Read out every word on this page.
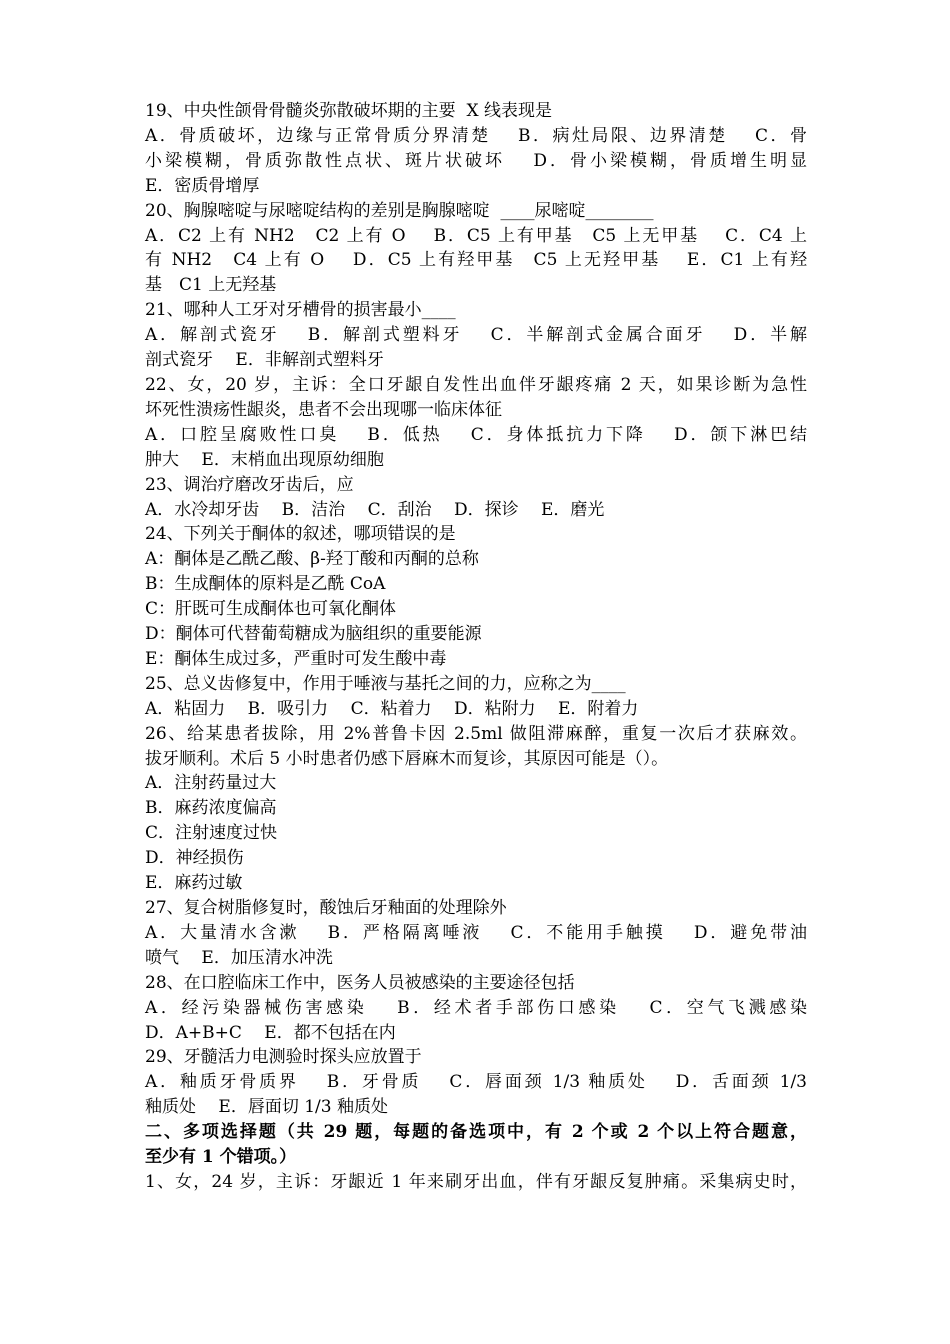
19、中央性颌骨骨髓炎弥散破坏期的主要  X 线表现是
A．骨质破坏，边缘与正常骨质分界清楚　 B．病灶局限、边界清楚　 C．骨
小梁模糊，骨质弥散性点状、斑片状破坏　 D．骨小梁模糊，骨质增生明显
E．密质骨增厚
20、胸腺嘧啶与尿嘧啶结构的差别是胸腺嘧啶  ____尿嘧啶________
A．C2 上有 NH2　C2 上有 O　 B．C5 上有甲基　C5 上无甲基　 C．C4 上
有 NH2　C4 上有 O　 D．C5 上有羟甲基　C5 上无羟甲基　 E．C1 上有羟
基　C1 上无羟基
21、哪种人工牙对牙槽骨的损害最小____
A．解剖式瓷牙　 B．解剖式塑料牙　 C．半解剖式金属合面牙　 D．半解
剖式瓷牙　 E．非解剖式塑料牙
22、女，20 岁，主诉：全口牙龈自发性出血伴牙龈疼痛 2 天，如果诊断为急性
坏死性溃疡性龈炎，患者不会出现哪一临床体征
A．口腔呈腐败性口臭　 B．低热　 C．身体抵抗力下降　 D．颌下淋巴结
肿大　 E．末梢血出现原幼细胞
23、调治疗磨改牙齿后，应
A．水冷却牙齿　 B．洁治　 C．刮治　 D．探诊　 E．磨光
24、下列关于酮体的叙述，哪项错误的是
A：酮体是乙酰乙酸、β-羟丁酸和丙酮的总称
B：生成酮体的原料是乙酰 CoA
C：肝既可生成酮体也可氧化酮体
D：酮体可代替葡萄糖成为脑组织的重要能源
E：酮体生成过多，严重时可发生酸中毒
25、总义齿修复中，作用于唾液与基托之间的力，应称之为____
A．粘固力　 B．吸引力　 C．粘着力　 D．粘附力　 E．附着力
26、给某患者拔除，用 2%普鲁卡因 2.5ml 做阻滞麻醉，重复一次后才获麻效。
拔牙顺利。术后 5 小时患者仍感下唇麻木而复诊，其原因可能是（）。
A．注射药量过大
B．麻药浓度偏高
C．注射速度过快
D．神经损伤
E．麻药过敏
27、复合树脂修复时，酸蚀后牙釉面的处理除外
A．大量清水含漱　 B．严格隔离唾液　 C．不能用手触摸　 D．避免带油
喷气　 E．加压清水冲洗
28、在口腔临床工作中，医务人员被感染的主要途径包括
A．经污染器械伤害感染　 B．经术者手部伤口感染　 C．空气飞溅感染
D．A+B+C　 E．都不包括在内
29、牙髓活力电测验时探头应放置于
A．釉质牙骨质界　 B．牙骨质　 C．唇面颈 1/3 釉质处　 D．舌面颈 1/3
釉质处　 E．唇面切 1/3 釉质处
二、多项选择题（共 29 题，每题的备选项中，有 2 个或 2 个以上符合题意，
至少有 1 个错项。）
1、女，24 岁，主诉：牙龈近 1 年来刷牙出血，伴有牙龈反复肿痛。采集病史时，
